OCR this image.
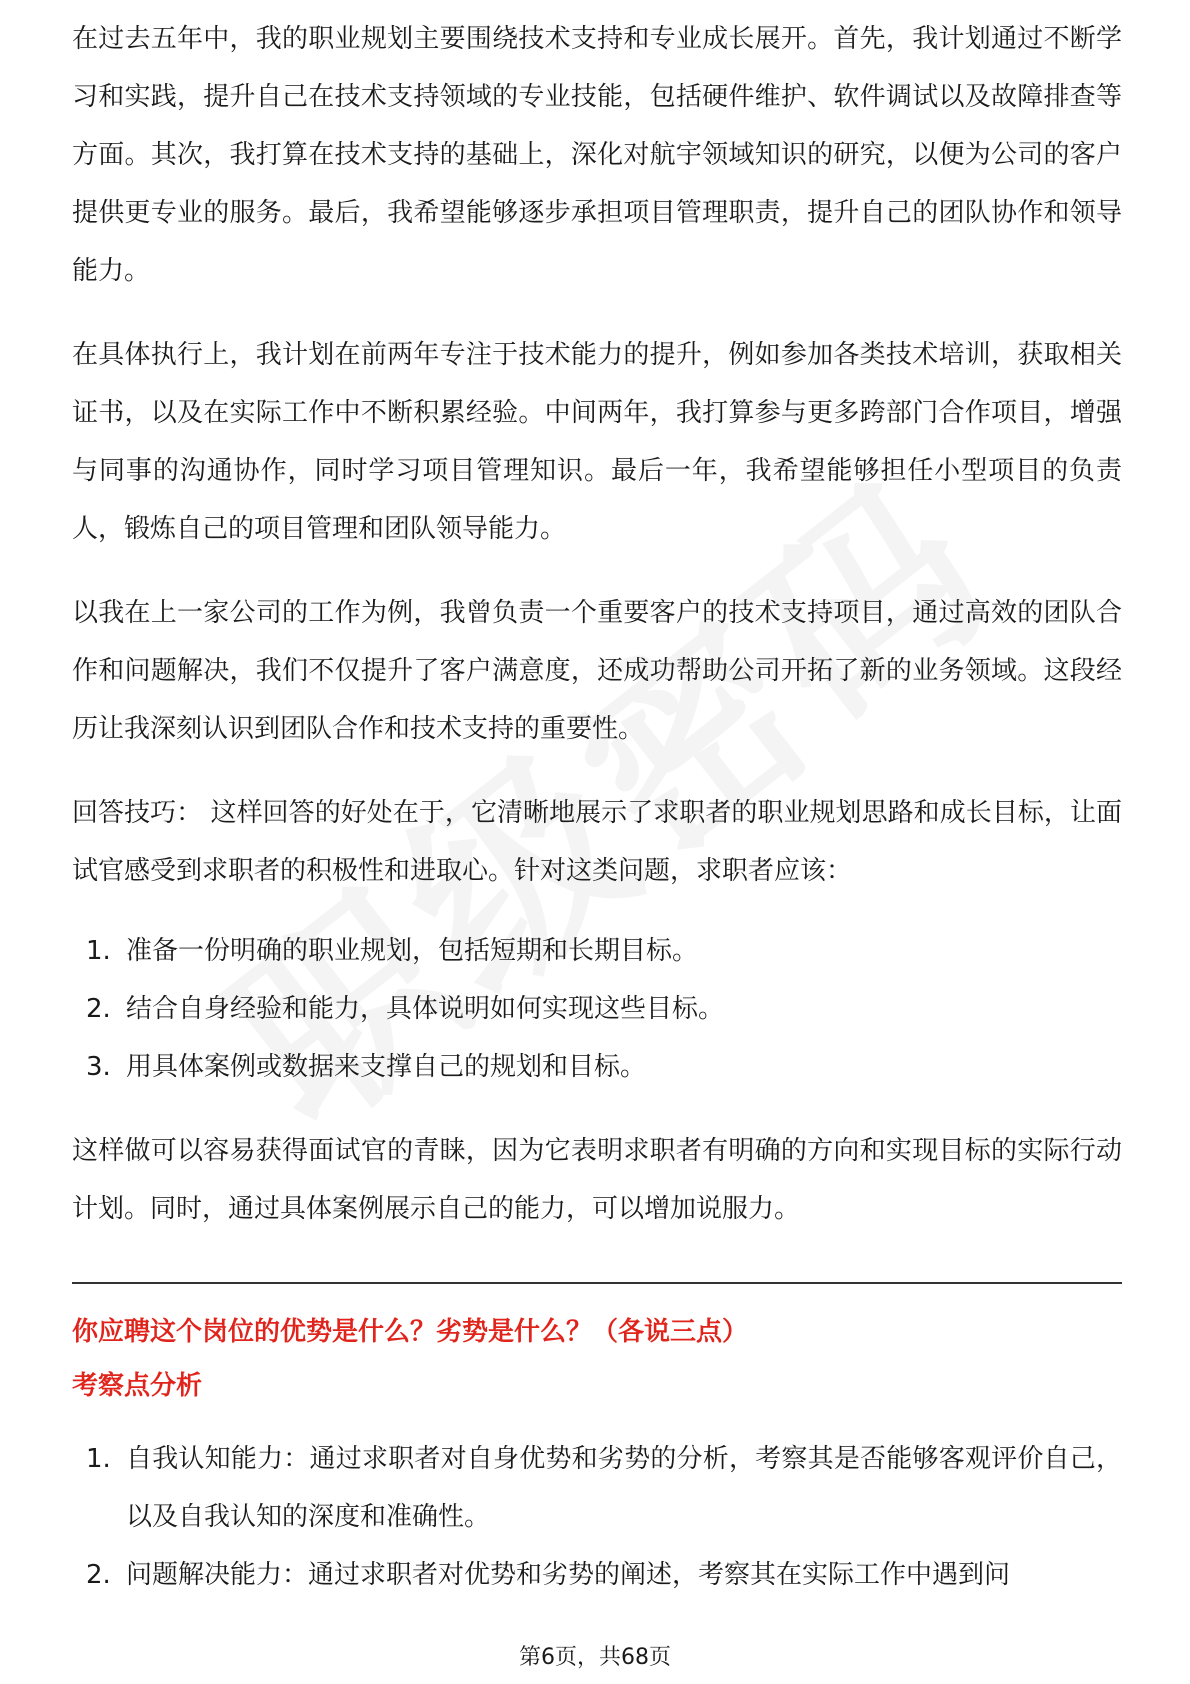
在过去五年中，我的职业规划主要围绕技术支持和专业成长展开。首先，我计划通过不断学习和实践，提升自己在技术支持领域的专业技能，包括硬件维护、软件调试以及故障排查等方面。其次，我打算在技术支持的基础上，深化对航宇领域知识的研究，以便为公司的客户提供更专业的服务。最后，我希望能够逐步承担项目管理职责，提升自己的团队协作和领导能力。

在具体执行上，我计划在前两年专注于技术能力的提升，例如参加各类技术培训，获取相关证书，以及在实际工作中不断积累经验。中间两年，我打算参与更多跨部门合作项目，增强与同事的沟通协作，同时学习项目管理知识。最后一年，我希望能够担任小型项目的负责人，锻炼自己的项目管理和团队领导能力。

以我在上一家公司的工作为例，我曾负责一个重要客户的技术支持项目，通过高效的团队合作和问题解决，我们不仅提升了客户满意度，还成功帮助公司开拓了新的业务领域。这段经历让我深刻认识到团队合作和技术支持的重要性。

回答技巧： 这样回答的好处在于，它清晰地展示了求职者的职业规划思路和成长目标，让面试官感受到求职者的积极性和进取心。针对这类问题，求职者应该：

1. 准备一份明确的职业规划，包括短期和长期目标。
2. 结合自身经验和能力，具体说明如何实现这些目标。
3. 用具体案例或数据来支撑自己的规划和目标。

这样做可以容易获得面试官的青睐，因为它表明求职者有明确的方向和实现目标的实际行动计划。同时，通过具体案例展示自己的能力，可以增加说服力。

你应聘这个岗位的优势是什么？劣势是什么？（各说三点）
考察点分析
1. 自我认知能力：通过求职者对自身优势和劣势的分析，考察其是否能够客观评价自己，以及自我认知的深度和准确性。
2. 问题解决能力：通过求职者对优势和劣势的阐述，考察其在实际工作中遇到问
第6页，共68页
